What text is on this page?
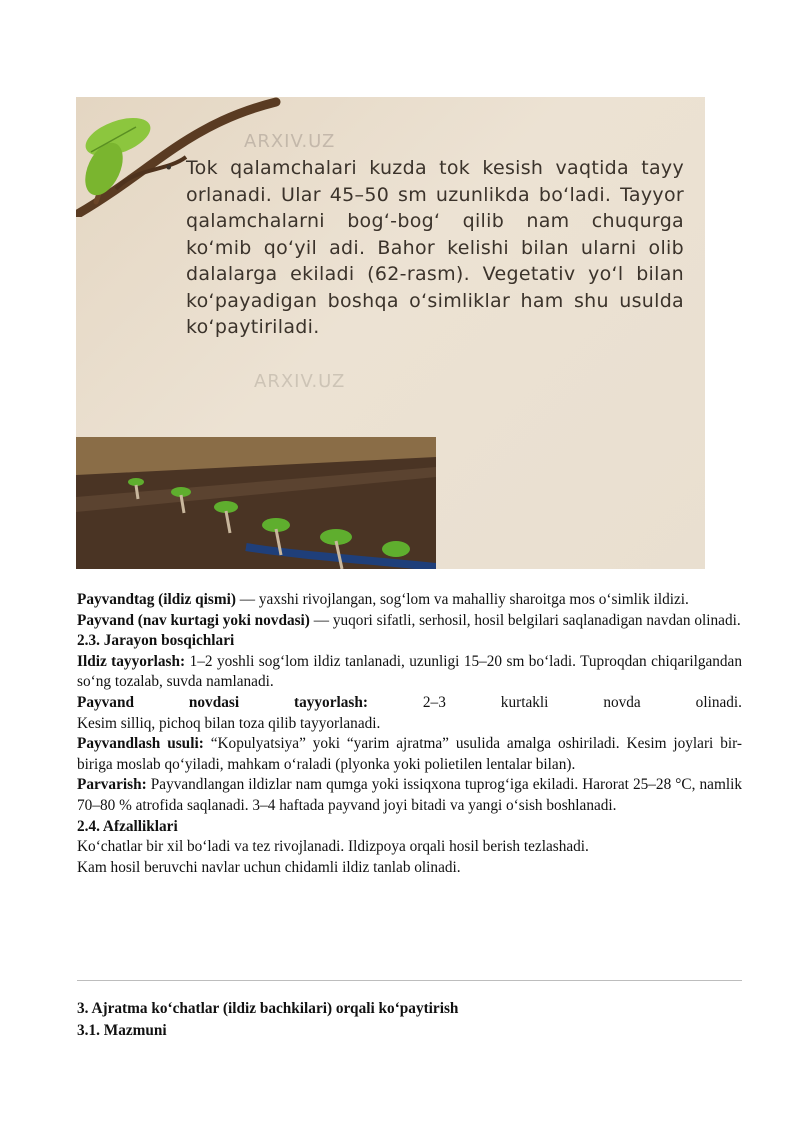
ARXIV.UZ
ARXIV.UZ
• Tok qalamchalari kuzda tok kesish vaqtida tayy orlanadi. Ular 45–50 sm uzunlikda bo‘ladi. Tayyor qalamchalarni bog‘-bog‘ qilib nam chuqurga ko‘mib qo‘yil adi. Bahor kelishi bilan ularni olib dalalarga ekiladi (62-rasm). Vegetativ yo‘l bilan ko‘payadigan boshqa o‘simliklar ham shu usulda ko‘paytiriladi.

Payvandtag (ildiz qismi) — yaxshi rivojlangan, sog‘lom va mahalliy sharoitga mos o‘simlik ildizi.

Payvand (nav kurtagi yoki novdasi) — yuqori sifatli, serhosil, hosil belgilari saqlanadigan navdan olinadi.

2.3. Jarayon bosqichlari

Ildiz tayyorlash: 1–2 yoshli sog‘lom ildiz tanlanadi, uzunligi 15–20 sm bo‘ladi. Tuproqdan chiqarilgandan so‘ng tozalab, suvda namlanadi.

Payvand novdasi tayyorlash:	2–3 kurtakli novda olinadi.

Kesim silliq, pichoq bilan toza qilib tayyorlanadi.

Payvandlash usuli: “Kopulyatsiya” yoki “yarim ajratma” usulida amalga oshiriladi. Kesim joylari bir-biriga moslab qo‘yiladi, mahkam o‘raladi (plyonka yoki polietilen lentalar bilan).

Parvarish: Payvandlangan ildizlar nam qumga yoki issiqxona tuprog‘iga ekiladi. Harorat 25–28 °C, namlik 70–80 % atrofida saqlanadi. 3–4 haftada payvand joyi bitadi va yangi o‘sish boshlanadi.

2.4. Afzalliklari

Ko‘chatlar bir xil bo‘ladi va tez rivojlanadi. Ildizpoya orqali hosil berish tezlashadi.

Kam hosil beruvchi navlar uchun chidamli ildiz tanlab olinadi.

3. Ajratma ko‘chatlar (ildiz bachkilari) orqali ko‘paytirish

3.1. Mazmuni
